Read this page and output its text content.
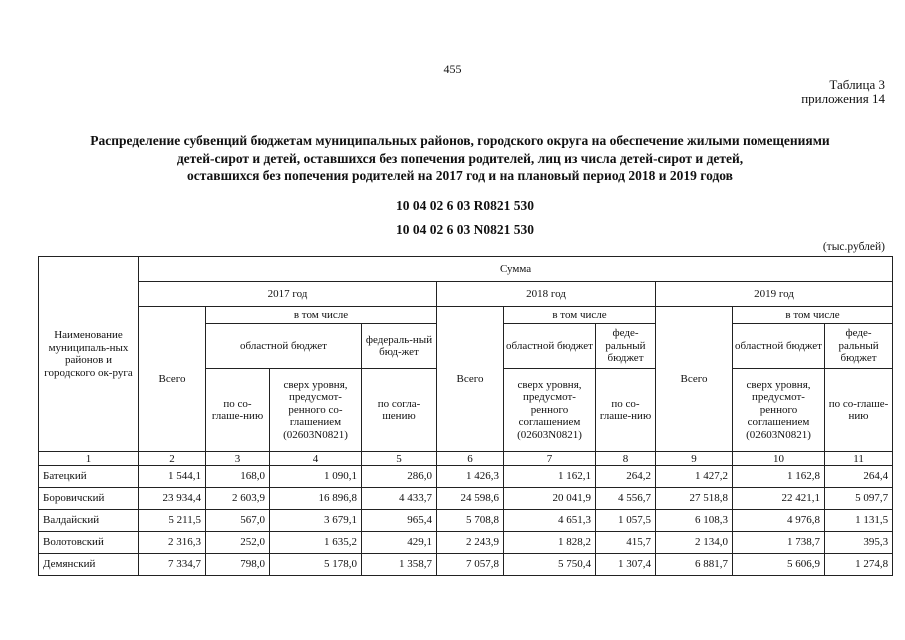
455
Таблица 3
приложения 14
Распределение субвенций бюджетам муниципальных районов, городского округа на обеспечение жилыми помещениями
детей-сирот и детей, оставшихся без попечения родителей, лиц из числа детей-сирот и детей,
оставшихся без попечения родителей на 2017 год и на плановый период 2018 и 2019 годов
10 04 02 6 03 R0821 530
10 04 02 6 03 N0821 530
(тыс.рублей)
Наименование муниципаль-ных районов и городского ок-руга	Сумма									
	2017 год				2018 год			2019 год		
	Всего	в том числе			Всего	в том числе		Всего	в том числе	
		областной бюджет		федераль-ный бюд-жет		областной бюджет	феде-ральный бюджет		областной бюджет	феде-ральный бюджет
		по со-глаше-нию	сверх уровня, предусмот-ренного со-глашением (02603N0821)	по согла-шению		сверх уровня, предусмот-ренного соглашением (02603N0821)	по со-глаше-нию		сверх уровня, предусмот-ренного соглашением (02603N0821)	по со-глаше-нию
1	2	3	4	5	6	7	8	9	10	11
Батецкий	1 544,1	168,0	1 090,1	286,0	1 426,3	1 162,1	264,2	1 427,2	1 162,8	264,4
Боровичский	23 934,4	2 603,9	16 896,8	4 433,7	24 598,6	20 041,9	4 556,7	27 518,8	22 421,1	5 097,7
Валдайский	5 211,5	567,0	3 679,1	965,4	5 708,8	4 651,3	1 057,5	6 108,3	4 976,8	1 131,5
Волотовский	2 316,3	252,0	1 635,2	429,1	2 243,9	1 828,2	415,7	2 134,0	1 738,7	395,3
Демянский	7 334,7	798,0	5 178,0	1 358,7	7 057,8	5 750,4	1 307,4	6 881,7	5 606,9	1 274,8
